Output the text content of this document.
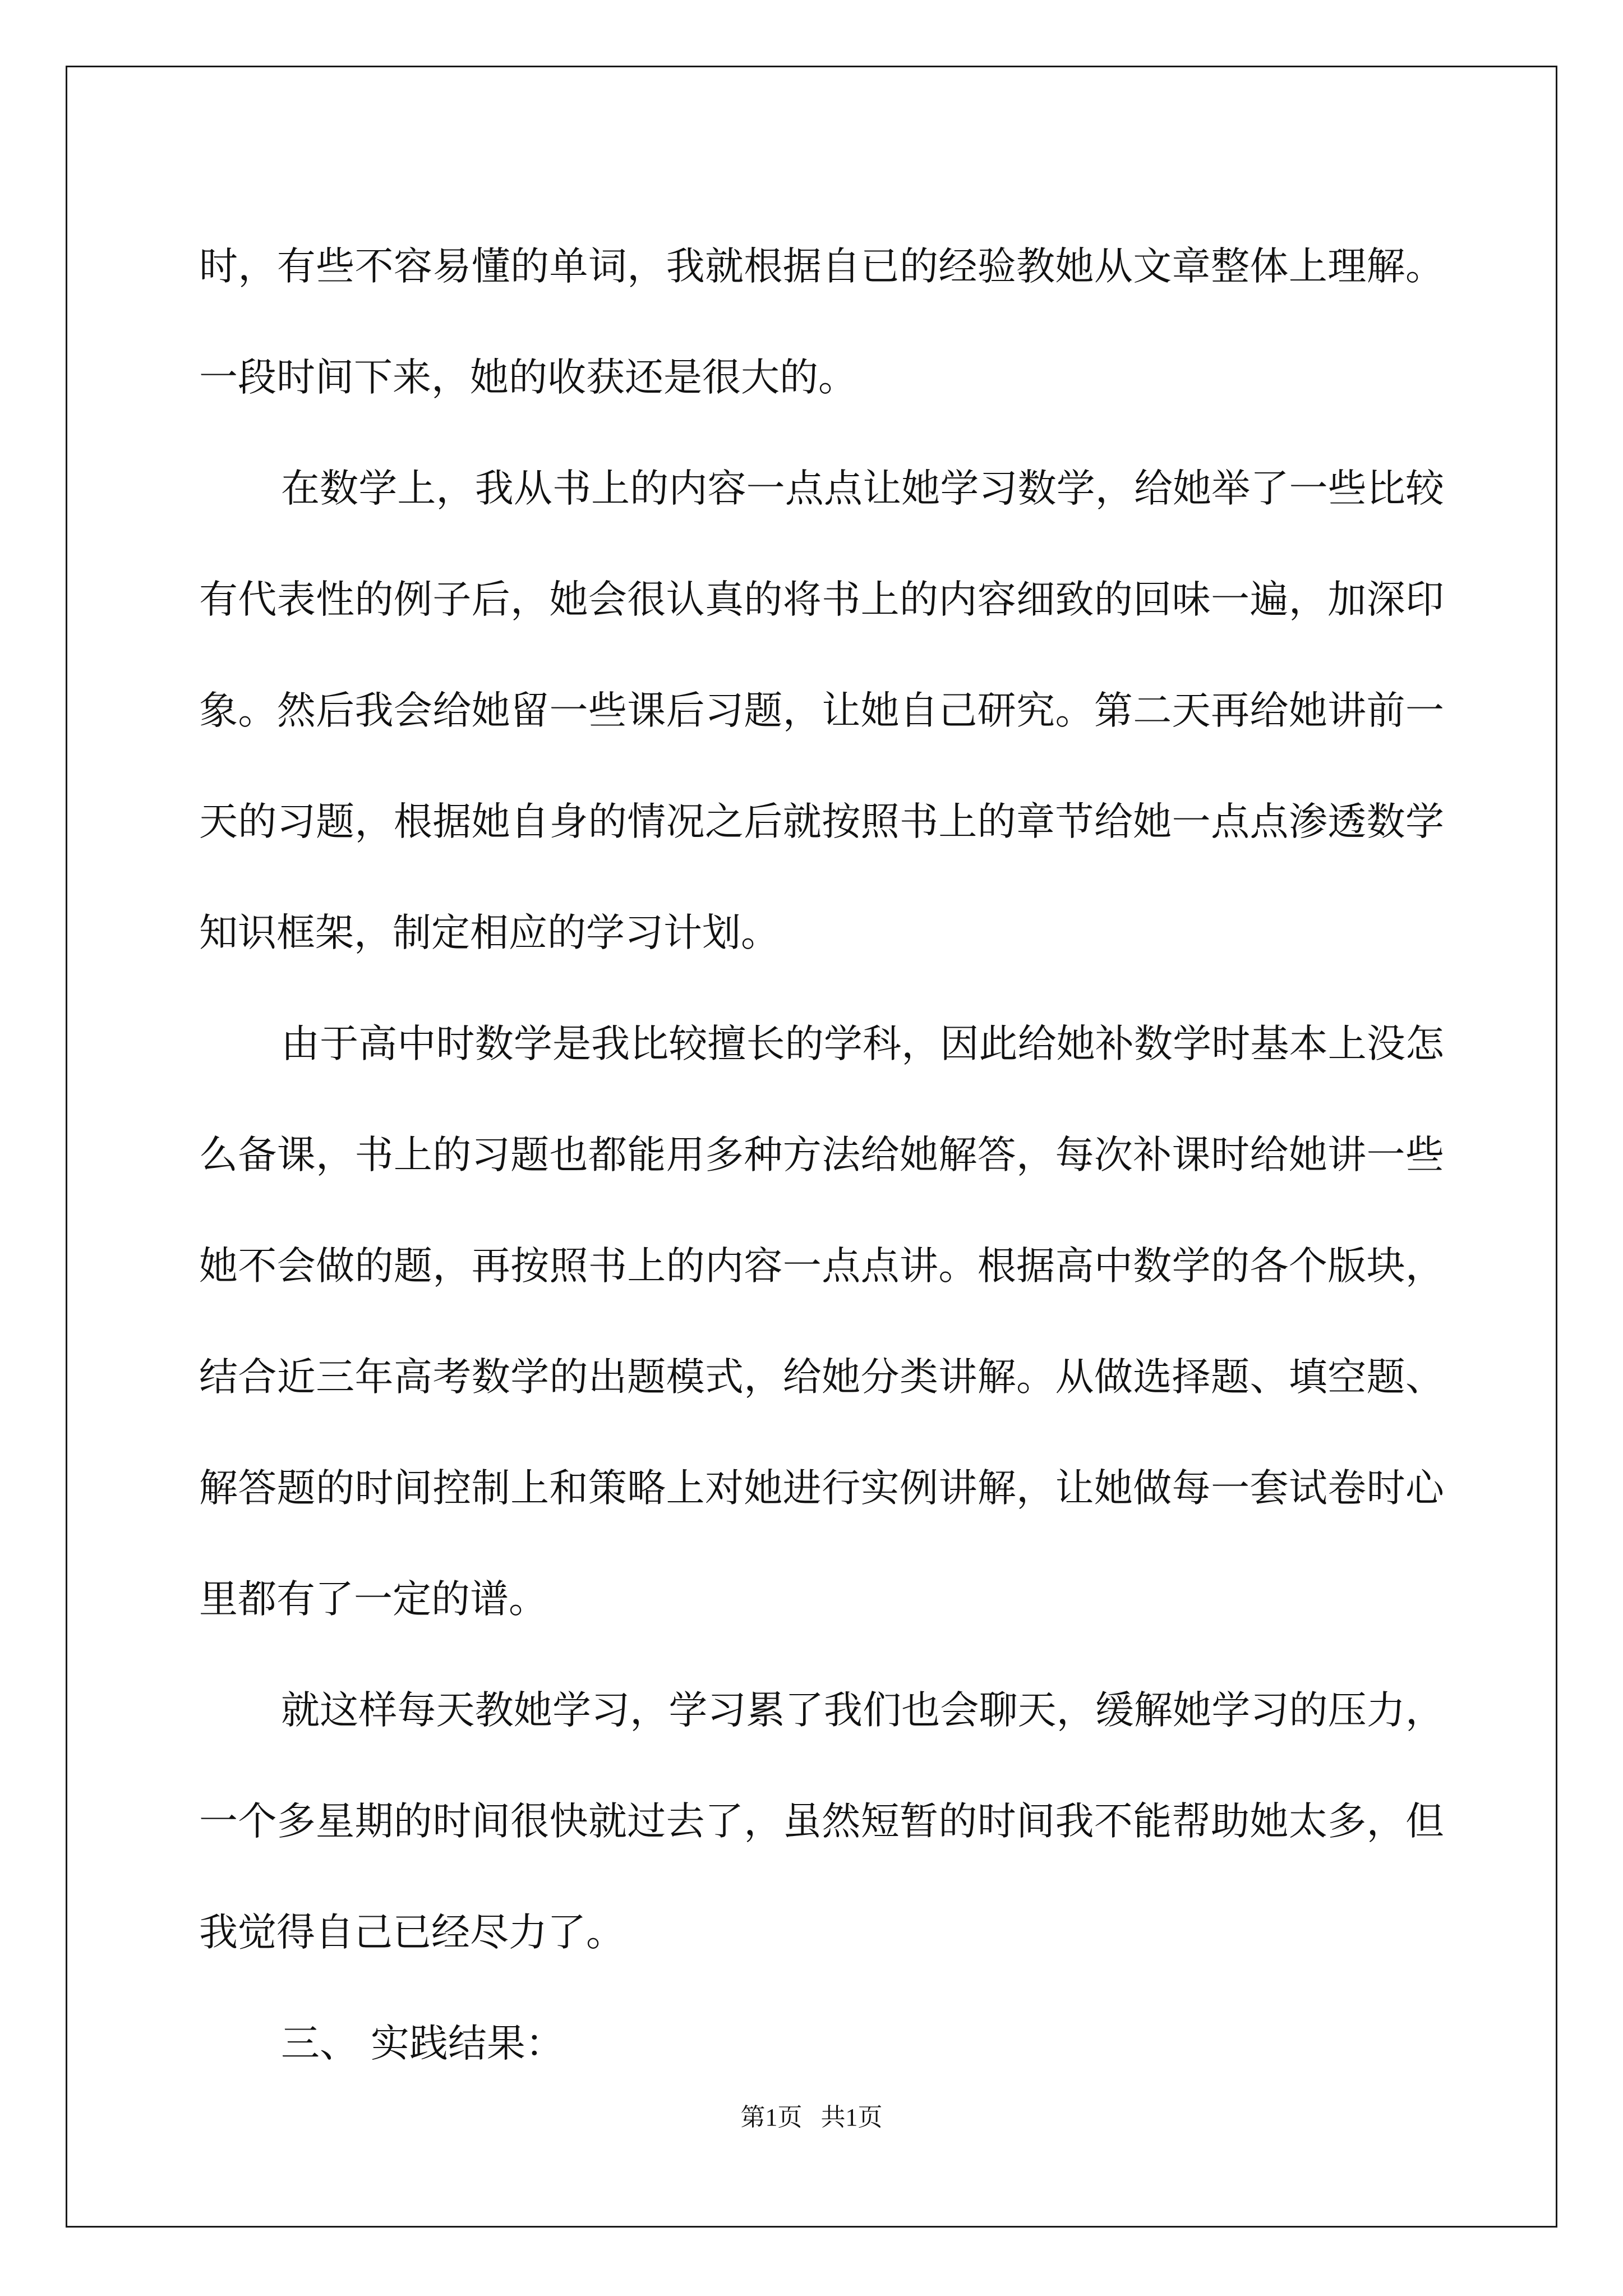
时，有些不容易懂的单词，我就根据自已的经验教她从文章整体上理解。一段时间下来，她的收获还是很大的。

在数学上，我从书上的内容一点点让她学习数学，给她举了一些比较有代表性的例子后，她会很认真的将书上的内容细致的回味一遍，加深印象。然后我会给她留一些课后习题，让她自己研究。第二天再给她讲前一天的习题，根据她自身的情况之后就按照书上的章节给她一点点渗透数学知识框架，制定相应的学习计划。

由于高中时数学是我比较擅长的学科，因此给她补数学时基本上没怎么备课，书上的习题也都能用多种方法给她解答，每次补课时给她讲一些她不会做的题，再按照书上的内容一点点讲。根据高中数学的各个版块，结合近三年高考数学的出题模式，给她分类讲解。从做选择题、填空题、解答题的时间控制上和策略上对她进行实例讲解，让她做每一套试卷时心里都有了一定的谱。

就这样每天教她学习，学习累了我们也会聊天，缓解她学习的压力，一个多星期的时间很快就过去了，虽然短暂的时间我不能帮助她太多，但我觉得自己已经尽力了。

三、 实践结果：

第1页   共1页
